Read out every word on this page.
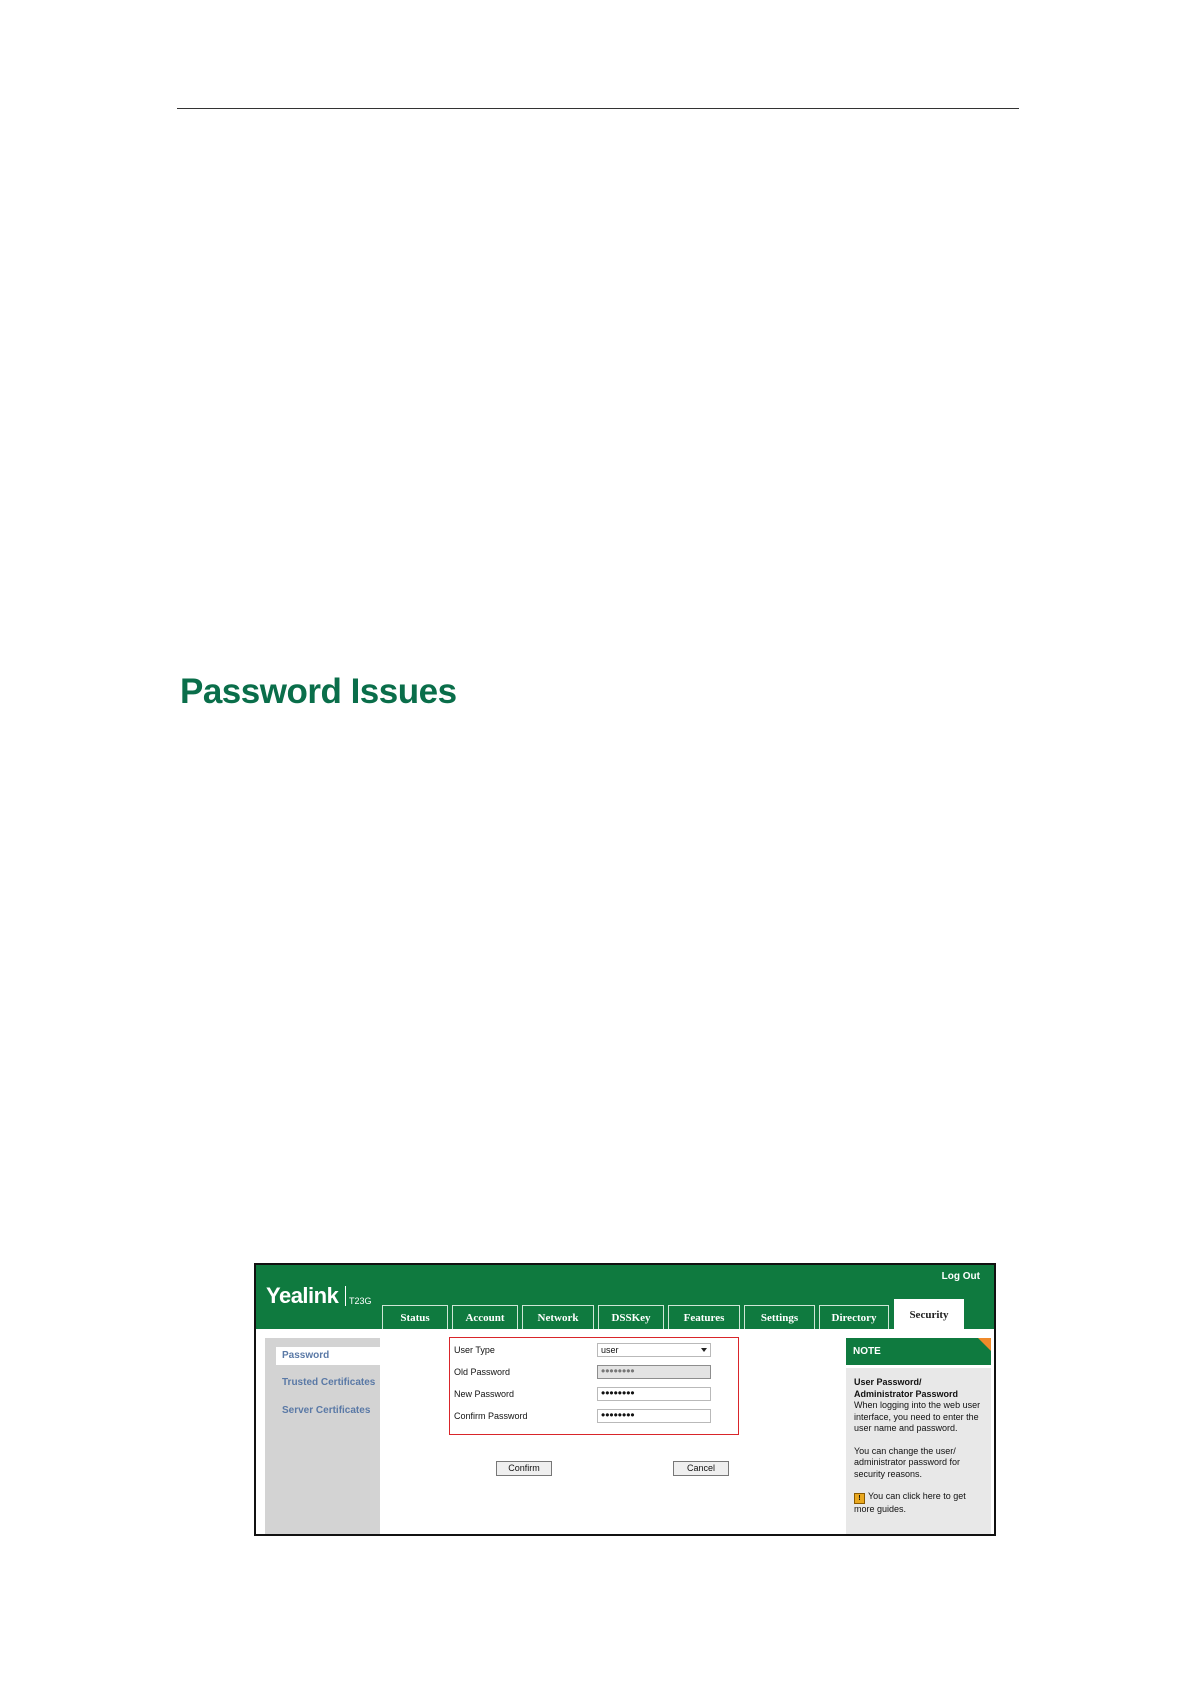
Password Issues
Yealink T23G
Log Out
Status	Account	Network	DSSKey	Features	Settings	Directory	Security
Password
Trusted Certificates
Server Certificates
User Type	user
Old Password	••••••••
New Password	••••••••
Confirm Password	••••••••
Confirm	Cancel
NOTE

User Password/

Administrator Password

When logging into the web user interface, you need to enter the user name and password.

You can change the user/ administrator password for security reasons.

! You can click here to get more guides.
